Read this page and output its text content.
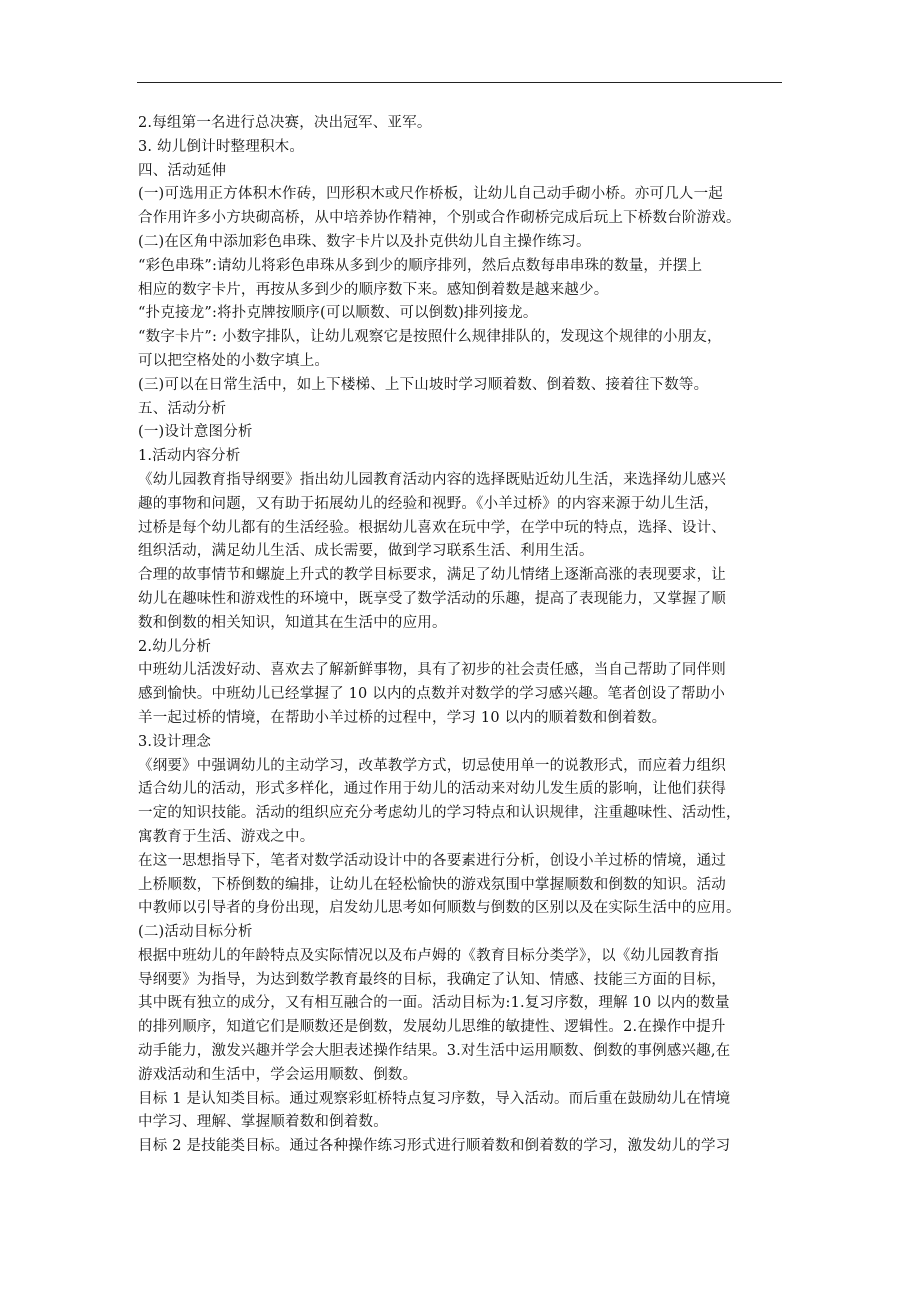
2.每组第一名进行总决赛，决出冠军、亚军。
3. 幼儿倒计时整理积木。
四、活动延伸
(一)可选用正方体积木作砖，凹形积木或尺作桥板，让幼儿自己动手砌小桥。亦可几人一起
合作用许多小方块砌高桥，从中培养协作精神，个别或合作砌桥完成后玩上下桥数台阶游戏。
(二)在区角中添加彩色串珠、数字卡片以及扑克供幼儿自主操作练习。
“彩色串珠”:请幼儿将彩色串珠从多到少的顺序排列，然后点数每串串珠的数量，并摆上
相应的数字卡片，再按从多到少的顺序数下来。感知倒着数是越来越少。
“扑克接龙”:将扑克牌按顺序(可以顺数、可以倒数)排列接龙。
“数字卡片”: 小数字排队，让幼儿观察它是按照什么规律排队的，发现这个规律的小朋友，
可以把空格处的小数字填上。
(三)可以在日常生活中，如上下楼梯、上下山坡时学习顺着数、倒着数、接着往下数等。
五、活动分析
(一)设计意图分析
1.活动内容分析
《幼儿园教育指导纲要》指出幼儿园教育活动内容的选择既贴近幼儿生活，来选择幼儿感兴
趣的事物和问题，又有助于拓展幼儿的经验和视野。《小羊过桥》的内容来源于幼儿生活，
过桥是每个幼儿都有的生活经验。根据幼儿喜欢在玩中学，在学中玩的特点，选择、设计、
组织活动，满足幼儿生活、成长需要，做到学习联系生活、利用生活。
合理的故事情节和螺旋上升式的教学目标要求，满足了幼儿情绪上逐渐高涨的表现要求，让
幼儿在趣味性和游戏性的环境中，既享受了数学活动的乐趣，提高了表现能力，又掌握了顺
数和倒数的相关知识，知道其在生活中的应用。
2.幼儿分析
中班幼儿活泼好动、喜欢去了解新鲜事物，具有了初步的社会责任感，当自己帮助了同伴则
感到愉快。中班幼儿已经掌握了 10 以内的点数并对数学的学习感兴趣。笔者创设了帮助小
羊一起过桥的情境，在帮助小羊过桥的过程中，学习 10 以内的顺着数和倒着数。
3.设计理念
《纲要》中强调幼儿的主动学习，改革教学方式，切忌使用单一的说教形式，而应着力组织
适合幼儿的活动，形式多样化，通过作用于幼儿的活动来对幼儿发生质的影响，让他们获得
一定的知识技能。活动的组织应充分考虑幼儿的学习特点和认识规律，注重趣味性、活动性，
寓教育于生活、游戏之中。
在这一思想指导下，笔者对数学活动设计中的各要素进行分析，创设小羊过桥的情境，通过
上桥顺数，下桥倒数的编排，让幼儿在轻松愉快的游戏氛围中掌握顺数和倒数的知识。活动
中教师以引导者的身份出现，启发幼儿思考如何顺数与倒数的区别以及在实际生活中的应用。
(二)活动目标分析
根据中班幼儿的年龄特点及实际情况以及布卢姆的《教育目标分类学》，以《幼儿园教育指
导纲要》为指导，为达到数学教育最终的目标，我确定了认知、情感、技能三方面的目标，
其中既有独立的成分，又有相互融合的一面。活动目标为:1.复习序数，理解 10 以内的数量
的排列顺序，知道它们是顺数还是倒数，发展幼儿思维的敏捷性、逻辑性。2.在操作中提升
动手能力，激发兴趣并学会大胆表述操作结果。3.对生活中运用顺数、倒数的事例感兴趣,在
游戏活动和生活中，学会运用顺数、倒数。
目标 1 是认知类目标。通过观察彩虹桥特点复习序数，导入活动。而后重在鼓励幼儿在情境
中学习、理解、掌握顺着数和倒着数。
目标 2 是技能类目标。通过各种操作练习形式进行顺着数和倒着数的学习，激发幼儿的学习
